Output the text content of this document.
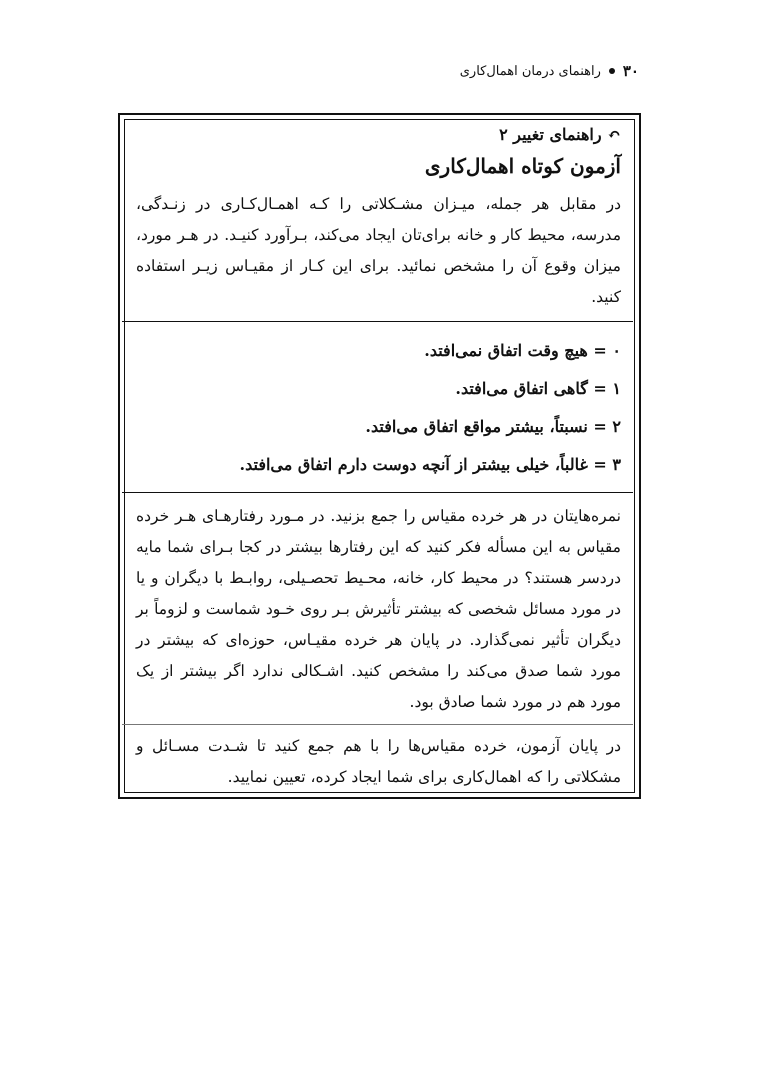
۳۰
راهنمای درمان اهمال‌کاری
↶
راهنمای تغییر ۲
آزمون کوتاه اهمال‌کاری

در مقابل هر جمله، میـزان مشـکلاتی را کـه اهمـال‌کـاری در زنـدگی، مدرسه، محیط کار و خانه برای‌تان ایجاد می‌کند، بـرآورد کنیـد. در هـر مورد، میزان وقوع آن را مشخص نمائید. برای این کـار از مقیـاس زیـر استفاده کنید.

۰ = هیچ وقت اتفاق نمی‌افتد.

۱ = گاهی اتفاق می‌افتد.

۲ = نسبتاً، بیشتر مواقع اتفاق می‌افتد.

۳ = غالباً، خیلی بیشتر از آنچه دوست دارم اتفاق می‌افتد.

نمره‌هایتان در هر خرده مقیاس را جمع بزنید. در مـورد رفتارهـای هـر خرده مقیاس به این مسأله فکر کنید که این رفتارها بیشتر در کجا بـرای شما مایه دردسر هستند؟ در محیط کار، خانه، محـیط تحصـیلی، روابـط با دیگران و یا در مورد مسائل شخصی که بیشتر تأثیرش بـر روی خـود شماست و لزوماً بر دیگران تأثیر نمی‌گذارد. در پایان هر خرده مقیـاس، حوزه‌ای که بیشتر در مورد شما صدق می‌کند را مشخص کنید. اشـکالی ندارد اگر بیشتر از یک مورد هم در مورد شما صادق بود.

در پایان آزمون، خرده مقیاس‌ها را با هم جمع کنید تا شـدت مسـائل و مشکلاتی را که اهمال‌کاری برای شما ایجاد کرده، تعیین نمایید.
